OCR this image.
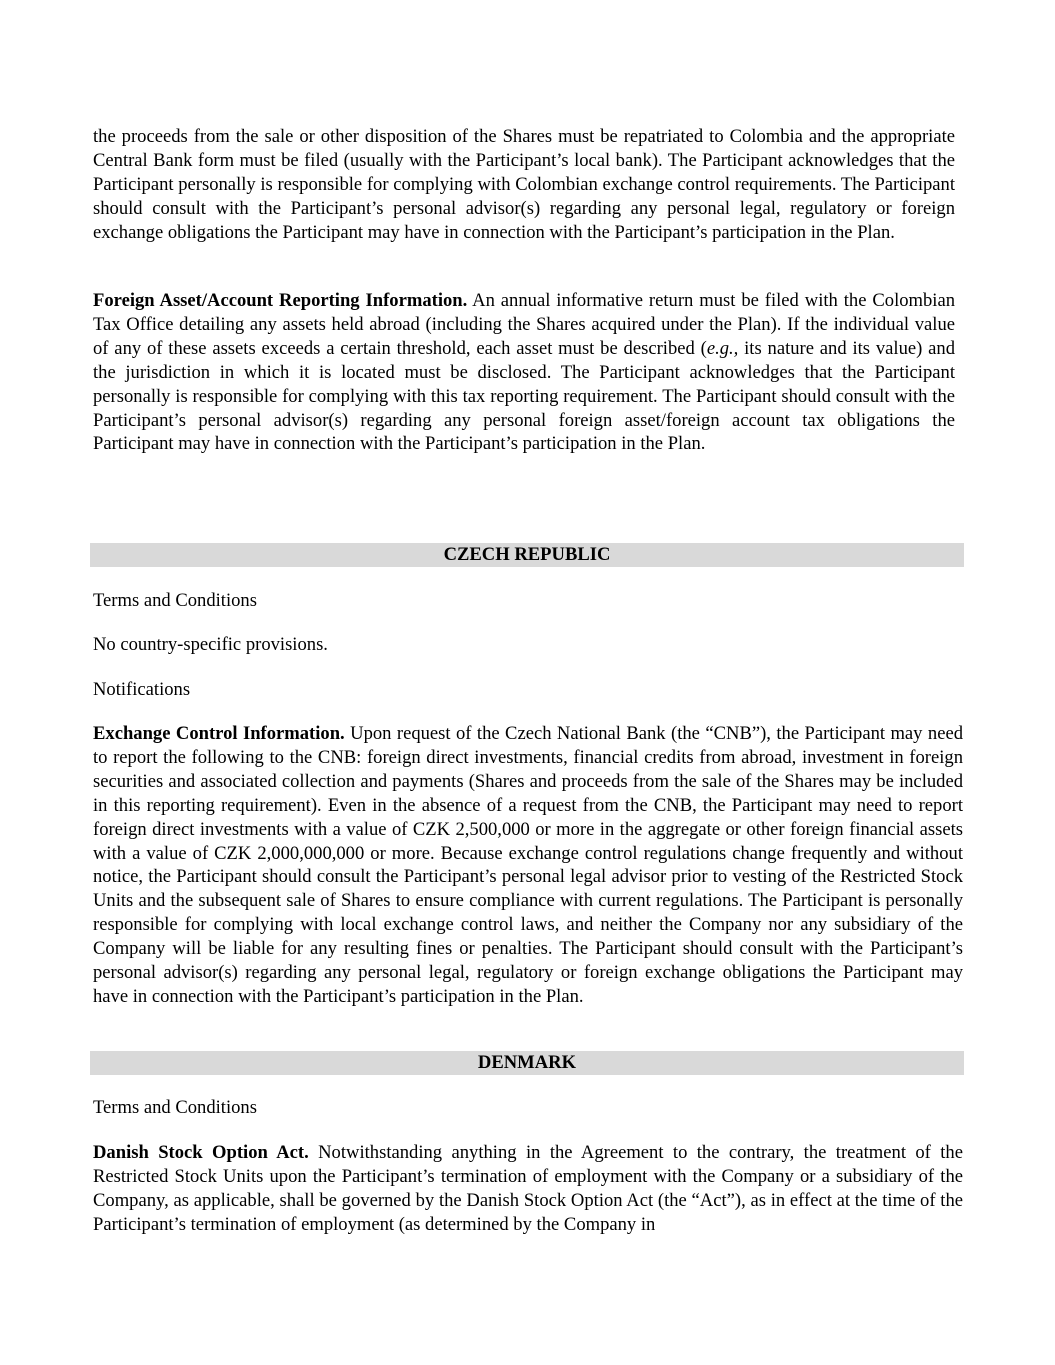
the proceeds from the sale or other disposition of the Shares must be repatriated to Colombia and the appropriate Central Bank form must be filed (usually with the Participant’s local bank). The Participant acknowledges that the Participant personally is responsible for complying with Colombian exchange control requirements. The Participant should consult with the Participant’s personal advisor(s) regarding any personal legal, regulatory or foreign exchange obligations the Participant may have in connection with the Participant’s participation in the Plan.

Foreign Asset/Account Reporting Information. An annual informative return must be filed with the Colombian Tax Office detailing any assets held abroad (including the Shares acquired under the Plan). If the individual value of any of these assets exceeds a certain threshold, each asset must be described (e.g., its nature and its value) and the jurisdiction in which it is located must be disclosed. The Participant acknowledges that the Participant personally is responsible for complying with this tax reporting requirement. The Participant should consult with the Participant’s personal advisor(s) regarding any personal foreign asset/foreign account tax obligations the Participant may have in connection with the Participant’s participation in the Plan.

CZECH REPUBLIC

Terms and Conditions

No country-specific provisions.

Notifications

Exchange Control Information. Upon request of the Czech National Bank (the “CNB”), the Participant may need to report the following to the CNB: foreign direct investments, financial credits from abroad, investment in foreign securities and associated collection and payments (Shares and proceeds from the sale of the Shares may be included in this reporting requirement). Even in the absence of a request from the CNB, the Participant may need to report foreign direct investments with a value of CZK 2,500,000 or more in the aggregate or other foreign financial assets with a value of CZK 2,000,000,000 or more. Because exchange control regulations change frequently and without notice, the Participant should consult the Participant’s personal legal advisor prior to vesting of the Restricted Stock Units and the subsequent sale of Shares to ensure compliance with current regulations. The Participant is personally responsible for complying with local exchange control laws, and neither the Company nor any subsidiary of the Company will be liable for any resulting fines or penalties. The Participant should consult with the Participant’s personal advisor(s) regarding any personal legal, regulatory or foreign exchange obligations the Participant may have in connection with the Participant’s participation in the Plan.

DENMARK

Terms and Conditions

Danish Stock Option Act. Notwithstanding anything in the Agreement to the contrary, the treatment of the Restricted Stock Units upon the Participant’s termination of employment with the Company or a subsidiary of the Company, as applicable, shall be governed by the Danish Stock Option Act (the “Act”), as in effect at the time of the Participant’s termination of employment (as determined by the Company in
